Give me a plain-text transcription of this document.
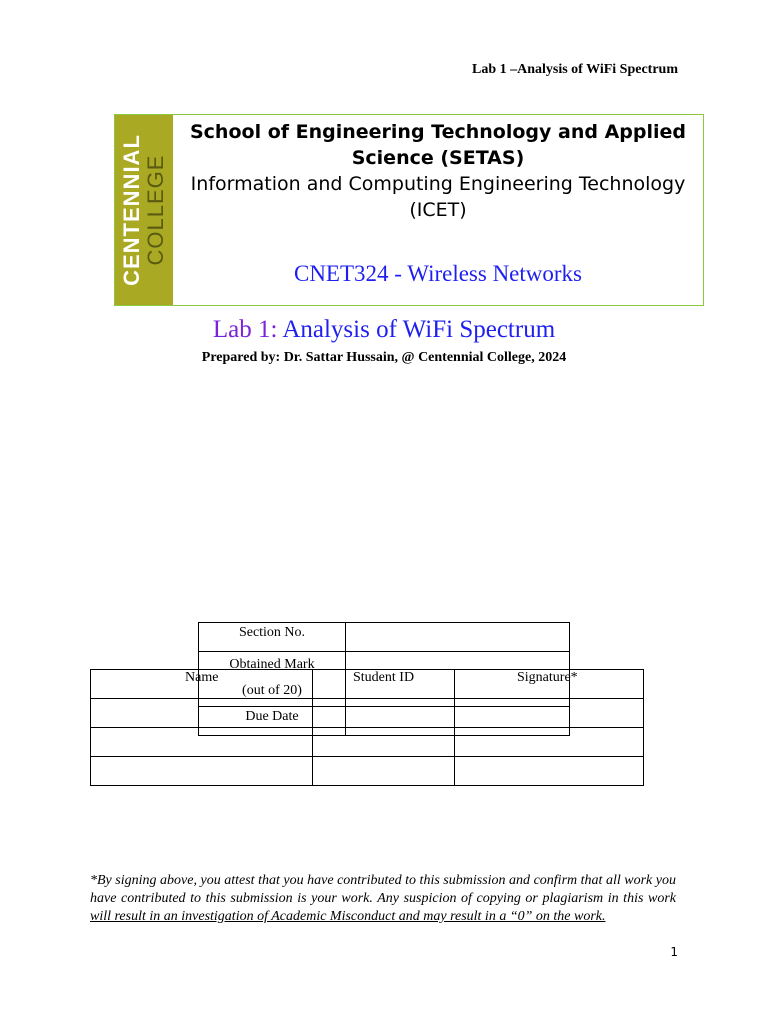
Lab 1 –Analysis of WiFi Spectrum
CENTENNIAL COLLEGE
School of Engineering Technology and Applied Science (SETAS)
Information and Computing Engineering Technology (ICET)
CNET324 - Wireless Networks
Lab 1: Analysis of WiFi Spectrum
Prepared by: Dr. Sattar Hussain, @ Centennial College, 2024
Name	Student ID	Signature*

Section No.	

Obtained Mark
(out of 20)	

Due Date	

*By signing above, you attest that you have contributed to this submission and confirm that all work you have contributed to this submission is your work. Any suspicion of copying or plagiarism in this work will result in an investigation of Academic Misconduct and may result in a “0” on the work.

1
